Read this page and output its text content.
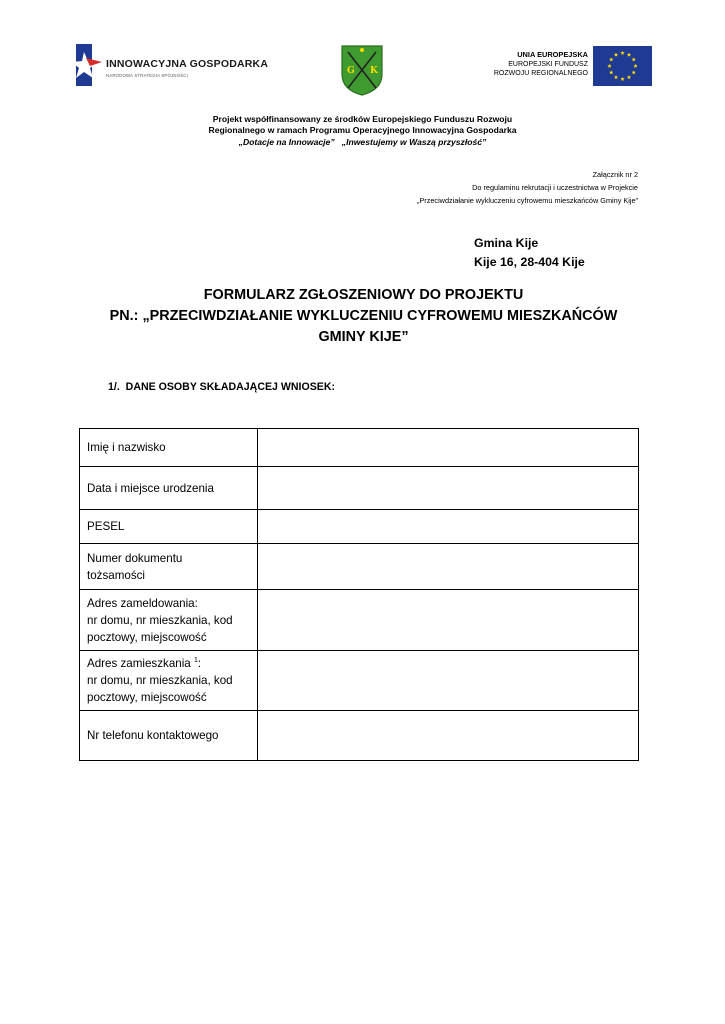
INNOWACYJNA GOSPODARKA
NARODOWA STRATEGIA SPÓJNOŚCI	G K
UNIA EUROPEJSKA
EUROPEJSKI FUNDUSZ
ROZWOJU REGIONALNEGO
Projekt współfinansowany ze środków Europejskiego Funduszu Rozwoju
Regionalnego w ramach Programu Operacyjnego Innowacyjna Gospodarka
„Dotacje na Innowacje”   „Inwestujemy w Waszą przyszłość”
Załącznik nr 2
Do regulaminu rekrutacji i uczestnictwa w Projekcie
„Przeciwdziałanie wykluczeniu cyfrowemu mieszkańców Gminy Kije”
Gmina Kije
Kije 16, 28-404 Kije
FORMULARZ ZGŁOSZENIOWY DO PROJEKTU
PN.: „PRZECIWDZIAŁANIE WYKLUCZENIU CYFROWEMU MIESZKAŃCÓW
GMINY KIJE”
1/.  DANE OSOBY SKŁADAJĄCEJ WNIOSEK:
Imię i nazwisko	
Data i miejsce urodzenia	
PESEL	

Numer dokumentu
tożsamości	

Adres zameldowania:
nr domu, nr mieszkania, kod
pocztowy, miejscowość	

Adres zamieszkania $^1$:
nr domu, nr mieszkania, kod
pocztowy, miejscowość	

Nr telefonu kontaktowego	
